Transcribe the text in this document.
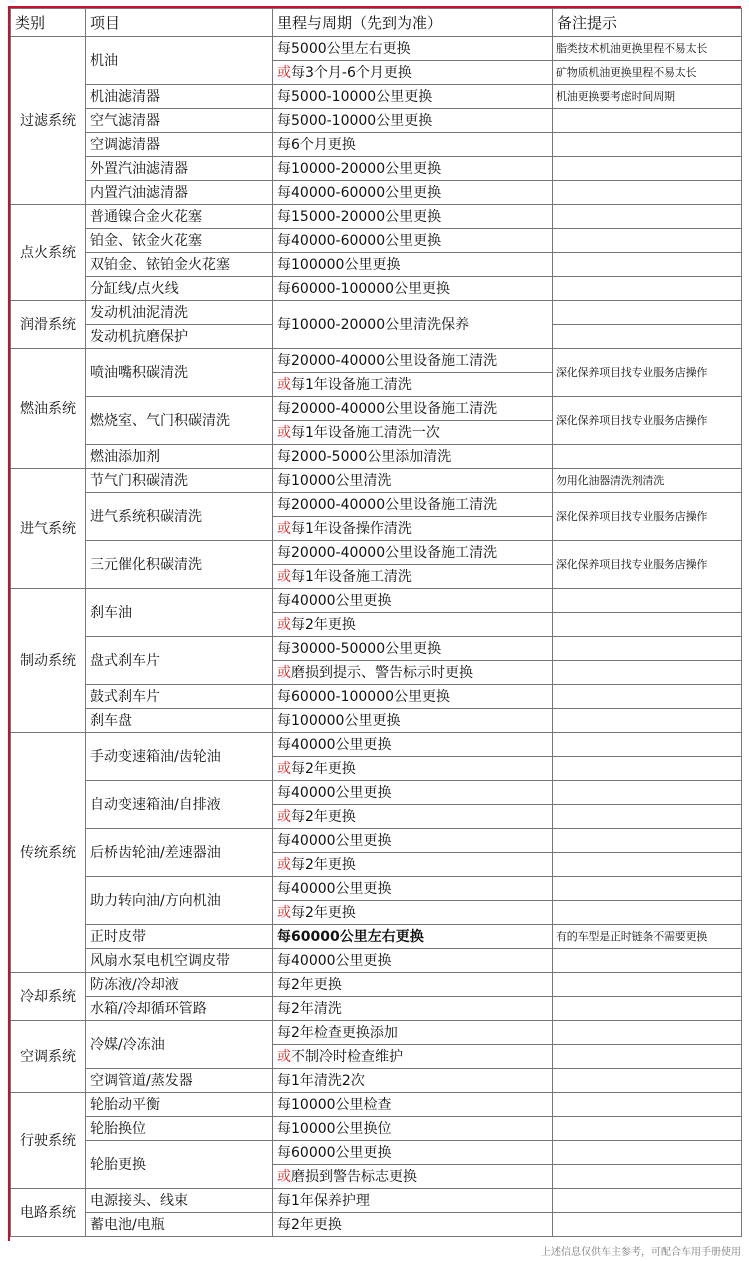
类别	项目	里程与周期（先到为准）	备注提示
过滤系统	机油	每5000公里左右更换	脂类技术机油更换里程不易太长
		或每3个月-6个月更换	矿物质机油更换里程不易太长
	机油滤清器	每5000-10000公里更换	机油更换要考虑时间周期
	空气滤清器	每5000-10000公里更换	
	空调滤清器	每6个月更换	
	外置汽油滤清器	每10000-20000公里更换	
	内置汽油滤清器	每40000-60000公里更换	
点火系统	普通镍合金火花塞	每15000-20000公里更换	
	铂金、铱金火花塞	每40000-60000公里更换	
	双铂金、铱铂金火花塞	每100000公里更换	
	分缸线/点火线	每60000-100000公里更换	
润滑系统	发动机油泥清洗	每10000-20000公里清洗保养	
	发动机抗磨保护		
燃油系统	喷油嘴积碳清洗	每20000-40000公里设备施工清洗	深化保养项目找专业服务店操作
		或每1年设备施工清洗	
	燃烧室、气门积碳清洗	每20000-40000公里设备施工清洗	深化保养项目找专业服务店操作
		或每1年设备施工清洗一次	
	燃油添加剂	每2000-5000公里添加清洗	
进气系统	节气门积碳清洗	每10000公里清洗	勿用化油器清洗剂清洗
	进气系统积碳清洗	每20000-40000公里设备施工清洗	深化保养项目找专业服务店操作
		或每1年设备操作清洗	
	三元催化积碳清洗	每20000-40000公里设备施工清洗	深化保养项目找专业服务店操作
		或每1年设备施工清洗	
制动系统	刹车油	每40000公里更换	
		或每2年更换	
	盘式刹车片	每30000-50000公里更换	
		或磨损到提示、警告标示时更换	
	鼓式刹车片	每60000-100000公里更换	
	刹车盘	每100000公里更换	
传统系统	手动变速箱油/齿轮油	每40000公里更换	
		或每2年更换	
	自动变速箱油/自排液	每40000公里更换	
		或每2年更换	
	后桥齿轮油/差速器油	每40000公里更换	
		或每2年更换	
	助力转向油/方向机油	每40000公里更换	
		或每2年更换	
	正时皮带	每60000公里左右更换	有的车型是正时链条不需要更换
	风扇水泵电机空调皮带	每40000公里更换	
冷却系统	防冻液/冷却液	每2年更换	
	水箱/冷却循环管路	每2年清洗	
空调系统	冷媒/冷冻油	每2年检查更换添加	
		或不制冷时检查维护	
	空调管道/蒸发器	每1年清洗2次	
行驶系统	轮胎动平衡	每10000公里检查	
	轮胎换位	每10000公里换位	
	轮胎更换	每60000公里更换	
		或磨损到警告标志更换	
电路系统	电源接头、线束	每1年保养护理	
	蓄电池/电瓶	每2年更换	
上述信息仅供车主参考，可配合车用手册使用
